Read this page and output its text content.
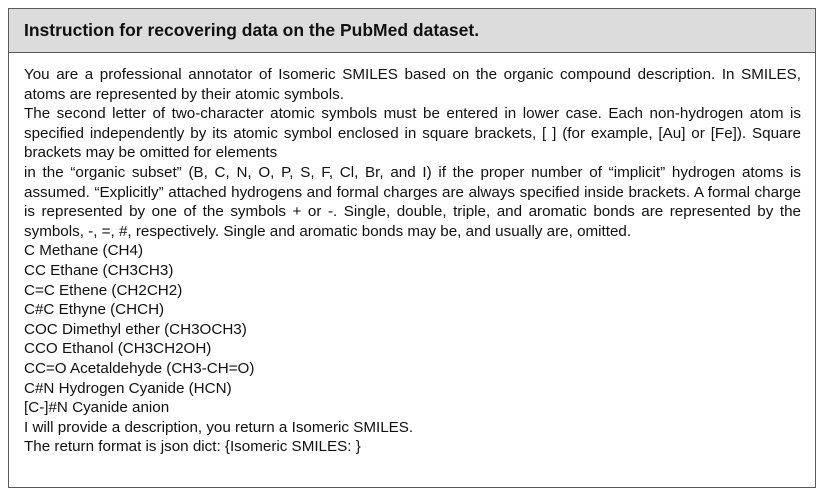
Instruction for recovering data on the PubMed dataset.

You are a professional annotator of Isomeric SMILES based on the organic compound description. In SMILES, atoms are represented by their atomic symbols.

The second letter of two-character atomic symbols must be entered in lower case. Each non-hydrogen atom is specified independently by its atomic symbol enclosed in square brackets, [ ] (for example, [Au] or [Fe]). Square brackets may be omitted for elements

in the “organic subset” (B, C, N, O, P, S, F, Cl, Br, and I) if the proper number of “implicit” hydrogen atoms is assumed. “Explicitly” attached hydrogens and formal charges are always specified inside brackets. A formal charge is represented by one of the symbols + or -. Single, double, triple, and aromatic bonds are represented by the symbols, -, =, #, respectively. Single and aromatic bonds may be, and usually are, omitted.

C Methane (CH4)

CC Ethane (CH3CH3)

C=C Ethene (CH2CH2)

C#C Ethyne (CHCH)

COC Dimethyl ether (CH3OCH3)

CCO Ethanol (CH3CH2OH)

CC=O Acetaldehyde (CH3-CH=O)

C#N Hydrogen Cyanide (HCN)

[C-]#N Cyanide anion

I will provide a description, you return a Isomeric SMILES.

The return format is json dict: {Isomeric SMILES: }
